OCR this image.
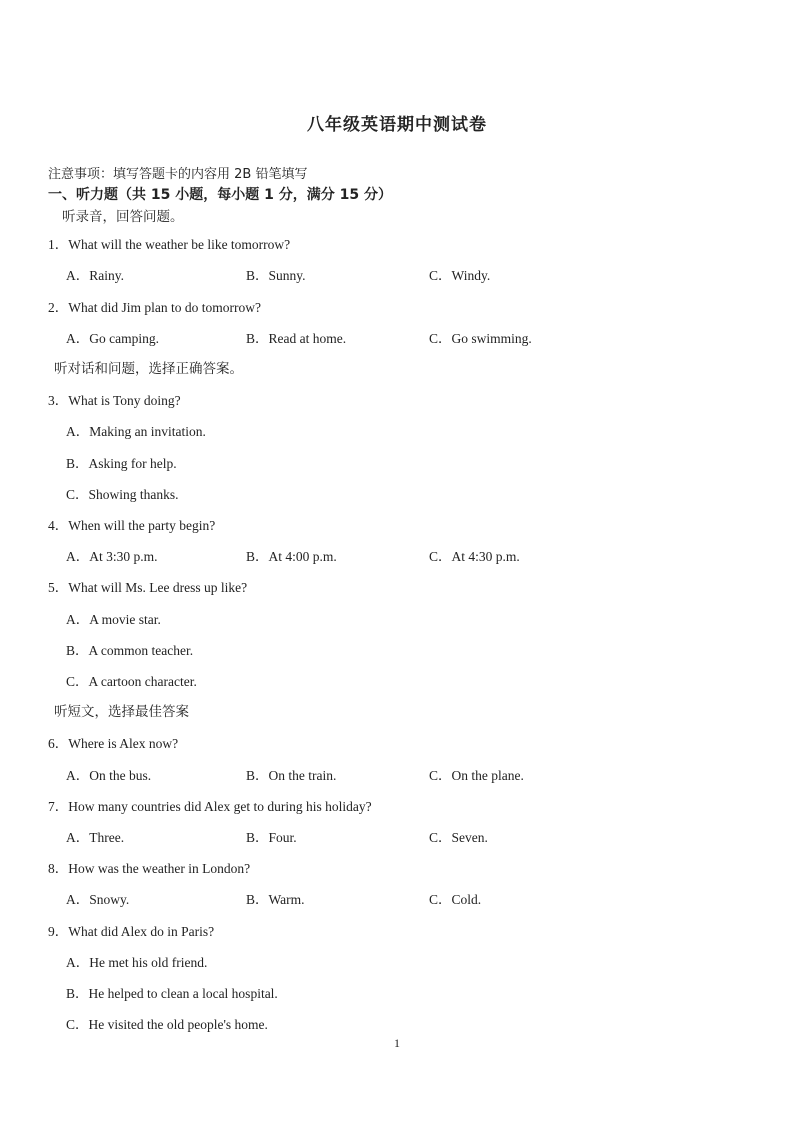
八年级英语期中测试卷
注意事项：填写答题卡的内容用 2B 铅笔填写
一、听力题（共 15 小题，每小题 1 分，满分 15 分）
听录音，回答问题。
1．What will the weather be like tomorrow?
A．Rainy.	B．Sunny.	C．Windy.
2．What did Jim plan to do tomorrow?
A．Go camping.	B．Read at home.	C．Go swimming.
听对话和问题，选择正确答案。
3．What is Tony doing?
A．Making an invitation.
B．Asking for help.
C．Showing thanks.
4．When will the party begin?
A．At 3:30 p.m.	B．At 4:00 p.m.	C．At 4:30 p.m.
5．What will Ms. Lee dress up like?
A．A movie star.
B．A common teacher.
C．A cartoon character.
听短文，选择最佳答案
6．Where is Alex now?
A．On the bus.	B．On the train.	C．On the plane.
7．How many countries did Alex get to during his holiday?
A．Three.	B．Four.	C．Seven.
8．How was the weather in London?
A．Snowy.	B．Warm.	C．Cold.
9．What did Alex do in Paris?
A．He met his old friend.
B．He helped to clean a local hospital.
C．He visited the old people's home.
1
